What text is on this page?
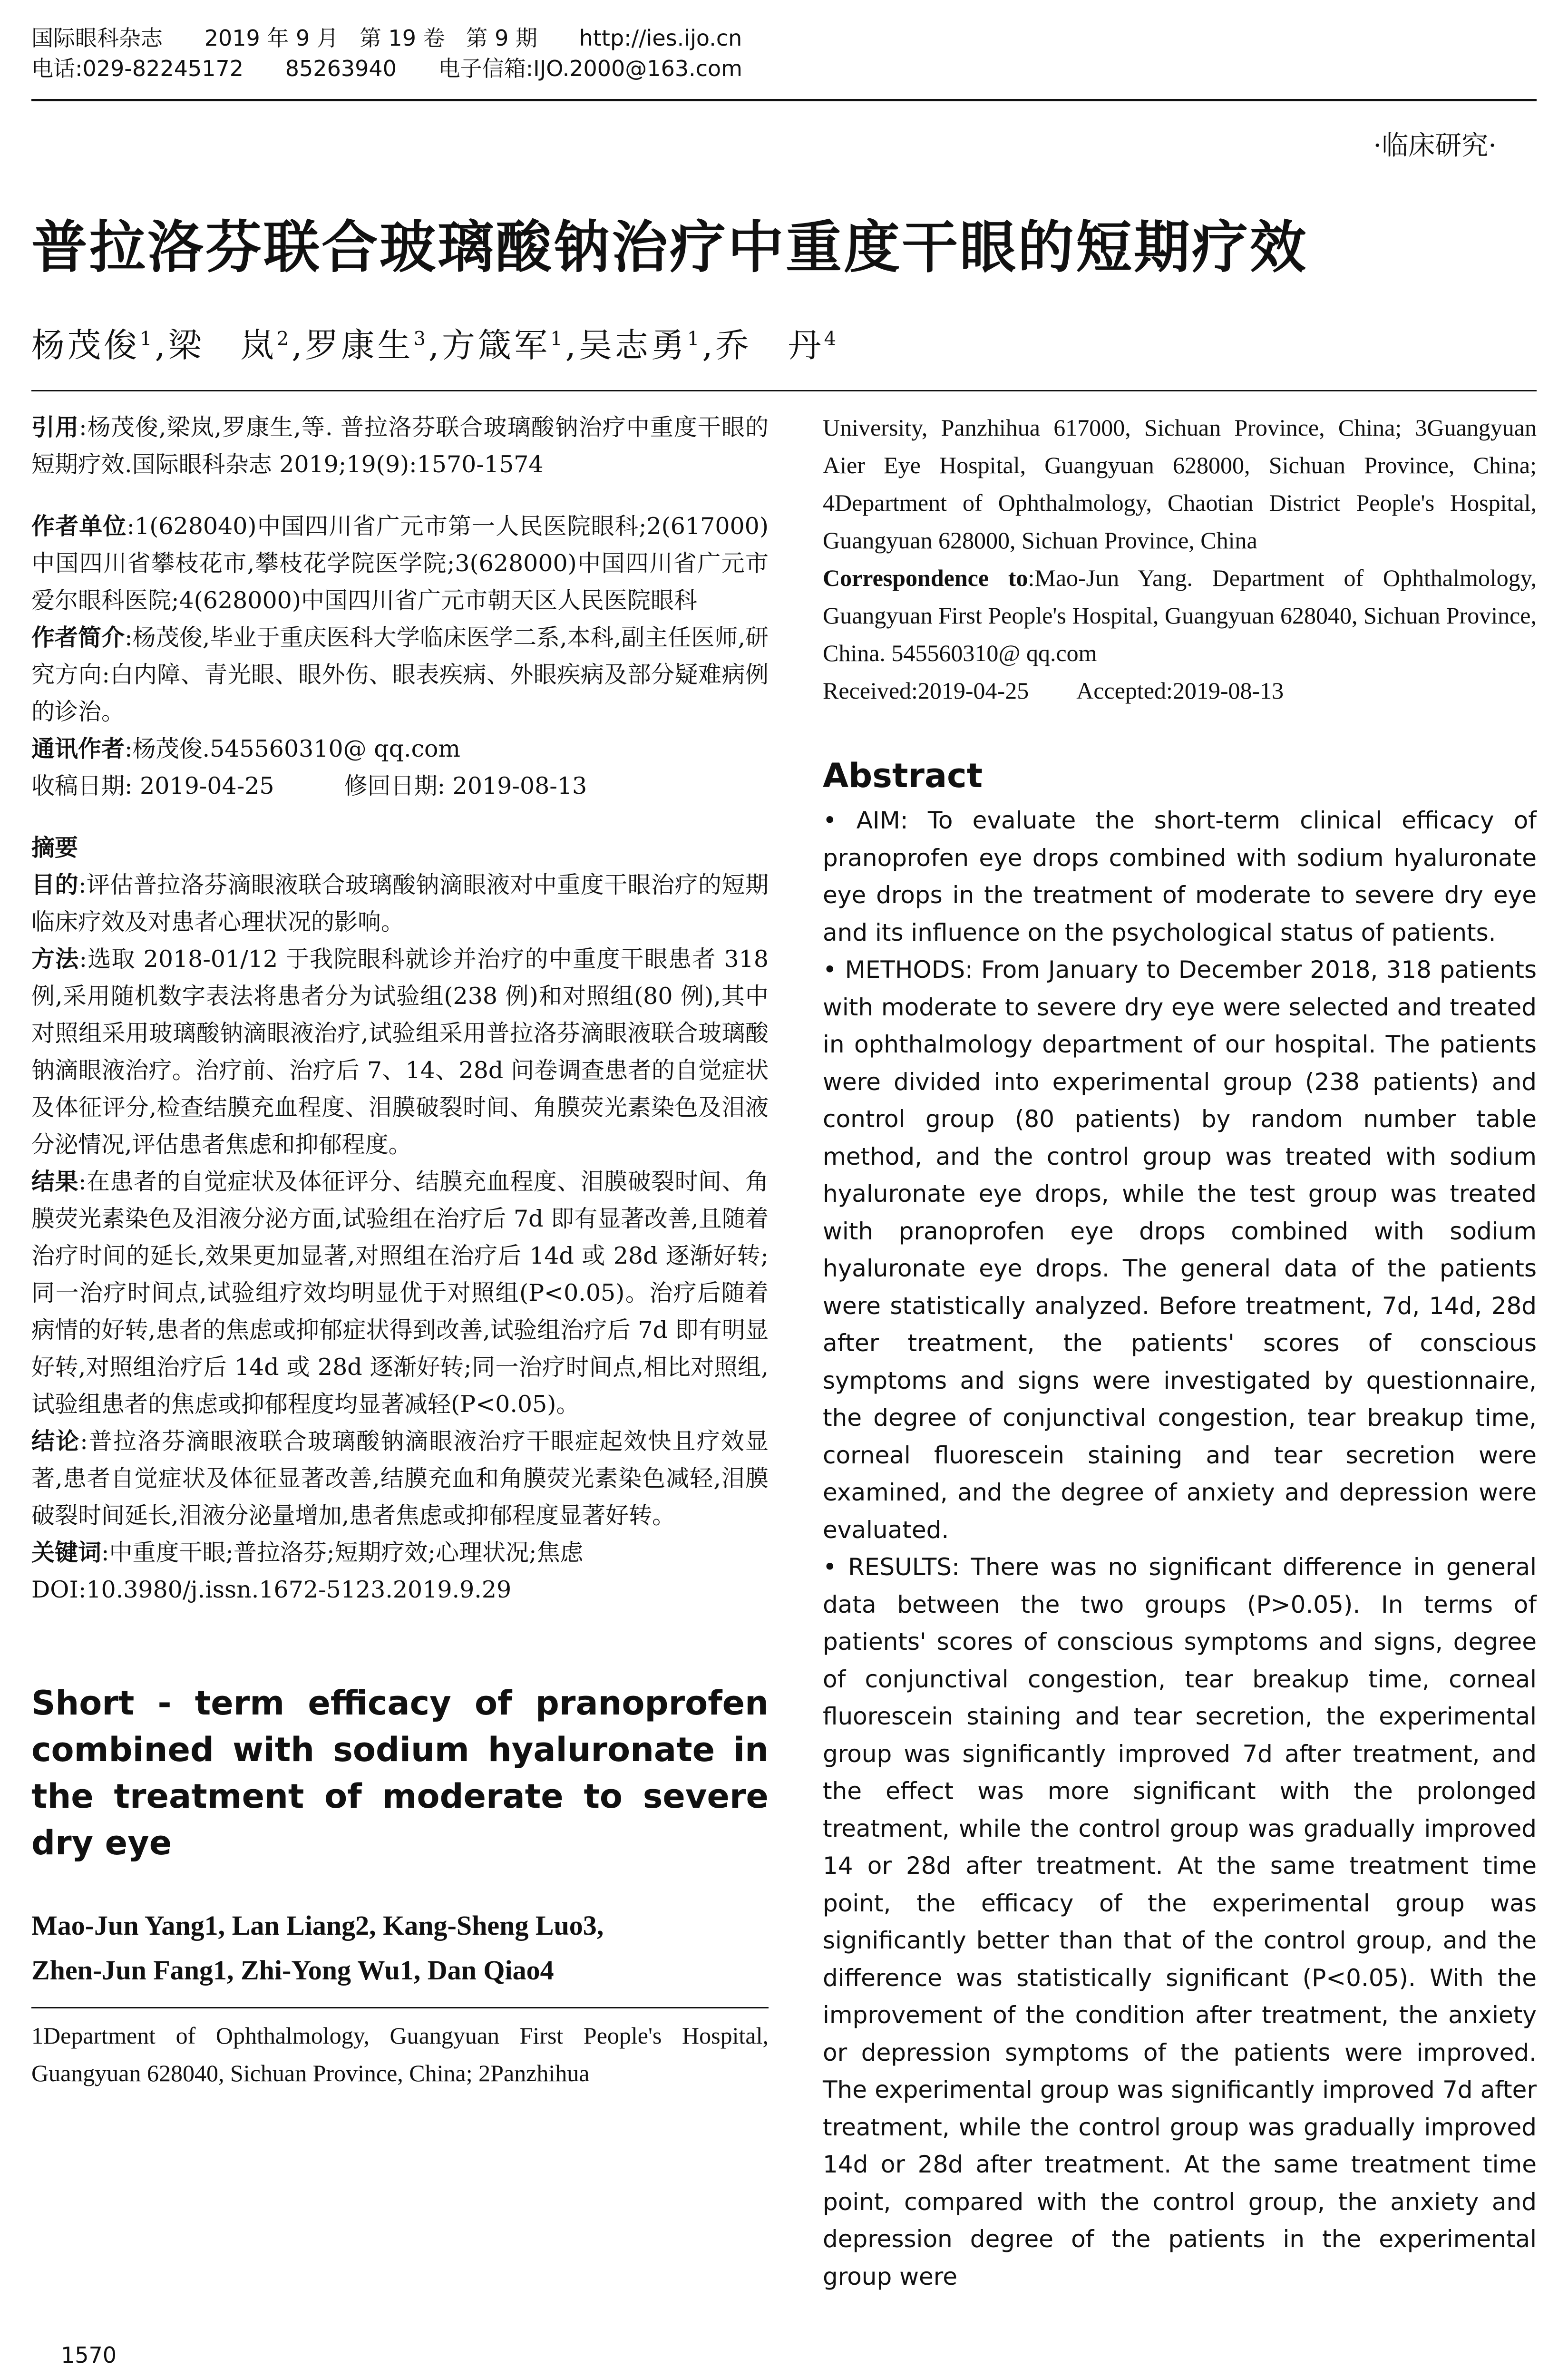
国际眼科杂志 2019 年 9 月 第 19 卷 第 9 期 http://ies.ijo.cn
电话:029-82245172 85263940 电子信箱:IJO.2000@163.com
·临床研究·
普拉洛芬联合玻璃酸钠治疗中重度干眼的短期疗效
杨茂俊$^1$,梁　岚$^2$,罗康生$^3$,方箴军$^1$,吴志勇$^1$,乔　丹$^4$

引用:杨茂俊,梁岚,罗康生,等. 普拉洛芬联合玻璃酸钠治疗中重度干眼的短期疗效.国际眼科杂志 2019;19(9):1570-1574

作者单位:1(628040)中国四川省广元市第一人民医院眼科;2(617000)中国四川省攀枝花市,攀枝花学院医学院;3(628000)中国四川省广元市爱尔眼科医院;4(628000)中国四川省广元市朝天区人民医院眼科

作者简介:杨茂俊,毕业于重庆医科大学临床医学二系,本科,副主任医师,研究方向:白内障、青光眼、眼外伤、眼表疾病、外眼疾病及部分疑难病例的诊治。

通讯作者:杨茂俊.545560310@ qq.com

收稿日期: 2019-04-25　　　修回日期: 2019-08-13

摘要

目的:评估普拉洛芬滴眼液联合玻璃酸钠滴眼液对中重度干眼治疗的短期临床疗效及对患者心理状况的影响。

方法:选取 2018-01/12 于我院眼科就诊并治疗的中重度干眼患者 318 例,采用随机数字表法将患者分为试验组(238 例)和对照组(80 例),其中对照组采用玻璃酸钠滴眼液治疗,试验组采用普拉洛芬滴眼液联合玻璃酸钠滴眼液治疗。治疗前、治疗后 7、14、28d 问卷调查患者的自觉症状及体征评分,检查结膜充血程度、泪膜破裂时间、角膜荧光素染色及泪液分泌情况,评估患者焦虑和抑郁程度。

结果:在患者的自觉症状及体征评分、结膜充血程度、泪膜破裂时间、角膜荧光素染色及泪液分泌方面,试验组在治疗后 7d 即有显著改善,且随着治疗时间的延长,效果更加显著,对照组在治疗后 14d 或 28d 逐渐好转;同一治疗时间点,试验组疗效均明显优于对照组(P<0.05)。治疗后随着病情的好转,患者的焦虑或抑郁症状得到改善,试验组治疗后 7d 即有明显好转,对照组治疗后 14d 或 28d 逐渐好转;同一治疗时间点,相比对照组,试验组患者的焦虑或抑郁程度均显著减轻(P<0.05)。

结论:普拉洛芬滴眼液联合玻璃酸钠滴眼液治疗干眼症起效快且疗效显著,患者自觉症状及体征显著改善,结膜充血和角膜荧光素染色减轻,泪膜破裂时间延长,泪液分泌量增加,患者焦虑或抑郁程度显著好转。

关键词:中重度干眼;普拉洛芬;短期疗效;心理状况;焦虑

DOI:10.3980/j.issn.1672-5123.2019.9.29

Short - term efficacy of pranoprofen combined with sodium hyaluronate in the treatment of moderate to severe dry eye
Mao-Jun Yang1, Lan Liang2, Kang-Sheng Luo3,
Zhen-Jun Fang1, Zhi-Yong Wu1, Dan Qiao4

1Department of Ophthalmology, Guangyuan First People's Hospital, Guangyuan 628040, Sichuan Province, China; 2Panzhihua

University, Panzhihua 617000, Sichuan Province, China; 3Guangyuan Aier Eye Hospital, Guangyuan 628000, Sichuan Province, China; 4Department of Ophthalmology, Chaotian District People's Hospital, Guangyuan 628000, Sichuan Province, China

Correspondence to:Mao-Jun Yang. Department of Ophthalmology, Guangyuan First People's Hospital, Guangyuan 628040, Sichuan Province, China. 545560310@ qq.com

Received:2019-04-25　　Accepted:2019-08-13

Abstract

• AIM: To evaluate the short-term clinical efficacy of pranoprofen eye drops combined with sodium hyaluronate eye drops in the treatment of moderate to severe dry eye and its influence on the psychological status of patients.

• METHODS: From January to December 2018, 318 patients with moderate to severe dry eye were selected and treated in ophthalmology department of our hospital. The patients were divided into experimental group (238 patients) and control group (80 patients) by random number table method, and the control group was treated with sodium hyaluronate eye drops, while the test group was treated with pranoprofen eye drops combined with sodium hyaluronate eye drops. The general data of the patients were statistically analyzed. Before treatment, 7d, 14d, 28d after treatment, the patients' scores of conscious symptoms and signs were investigated by questionnaire, the degree of conjunctival congestion, tear breakup time, corneal fluorescein staining and tear secretion were examined, and the degree of anxiety and depression were evaluated.

• RESULTS: There was no significant difference in general data between the two groups (P>0.05). In terms of patients' scores of conscious symptoms and signs, degree of conjunctival congestion, tear breakup time, corneal fluorescein staining and tear secretion, the experimental group was significantly improved 7d after treatment, and the effect was more significant with the prolonged treatment, while the control group was gradually improved 14 or 28d after treatment. At the same treatment time point, the efficacy of the experimental group was significantly better than that of the control group, and the difference was statistically significant (P<0.05). With the improvement of the condition after treatment, the anxiety or depression symptoms of the patients were improved. The experimental group was significantly improved 7d after treatment, while the control group was gradually improved 14d or 28d after treatment. At the same treatment time point, compared with the control group, the anxiety and depression degree of the patients in the experimental group were

1570
